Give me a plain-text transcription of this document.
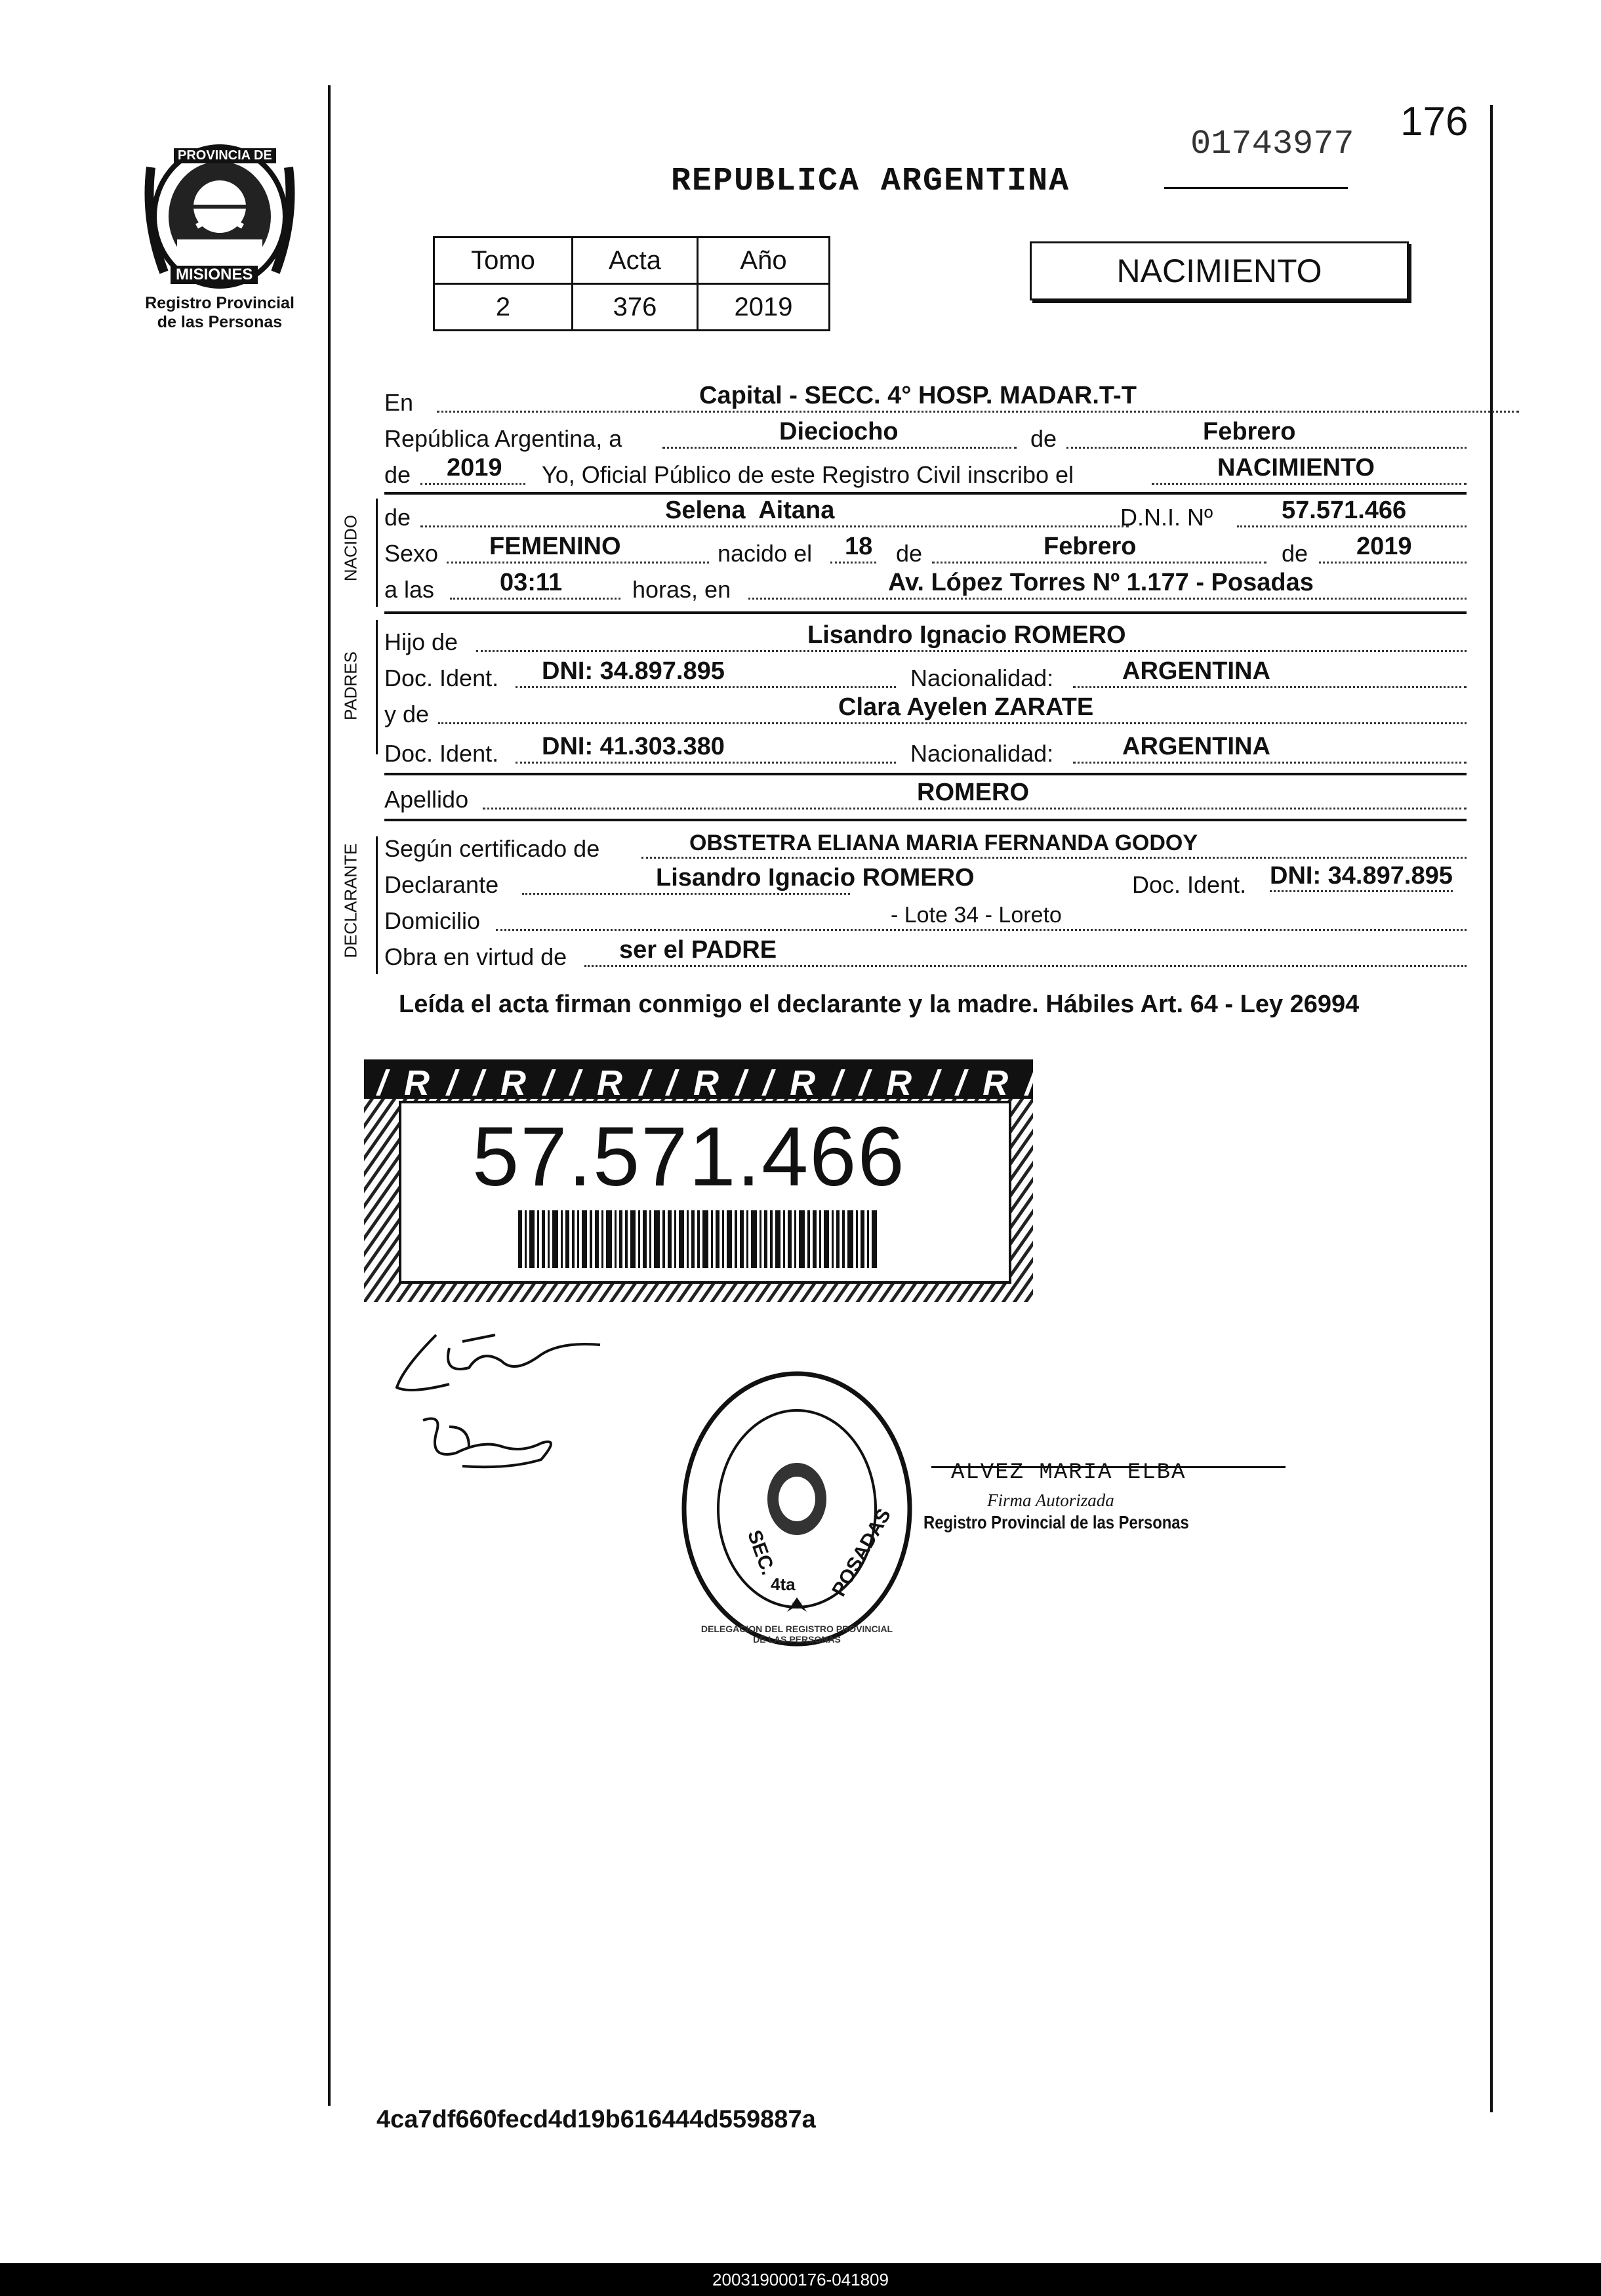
Registro Provincial
de las Personas
PROVINCIA DE
MISIONES
REPUBLICA ARGENTINA
01743977 176
Tomo	Acta	Año
2	376	2019
NACIMIENTO
En	Capital - SECC. 4° HOSP. MADAR.T-T
República Argentina, a	Dieciocho	de	Febrero
de 2019 Yo, Oficial Público de este Registro Civil inscribo el	NACIMIENTO
NACIDO de	Selena  Aitana	D.N.I. Nº	57.571.466
Sexo FEMENINO	nacido el 18 de	Febrero	de 2019
a las	03:11	horas, en	Av. López Torres Nº 1.177 - Posadas
PADRES
Hijo de	Lisandro Ignacio ROMERO
Doc. Ident. DNI: 34.897.895	Nacionalidad:	ARGENTINA
y de	Clara Ayelen ZARATE
Doc. Ident. DNI: 41.303.380	Nacionalidad:	ARGENTINA
Apellido	ROMERO
DECLARANTE Según certificado de	OBSTETRA ELIANA MARIA FERNANDA GODOY
Declarante	Lisandro Ignacio ROMERO	Doc. Ident. DNI: 34.897.895
Domicilio	- Lote 34 - Loreto
Obra en virtud de ser el PADRE
Leída el acta firman conmigo el declarante y la madre. Hábiles Art. 64 - Ley 26994
/R//R//R//R//R//R//R/
57.571.466
DELEGACION DEL REGISTRO PROVINCIAL DE LAS PERSONAS
SEC.
4ta POSADAS
ALVEZ MARIA ELBA
Firma Autorizada
Registro Provincial de las Personas
4ca7df660fecd4d19b616444d559887a
200319000176-041809
